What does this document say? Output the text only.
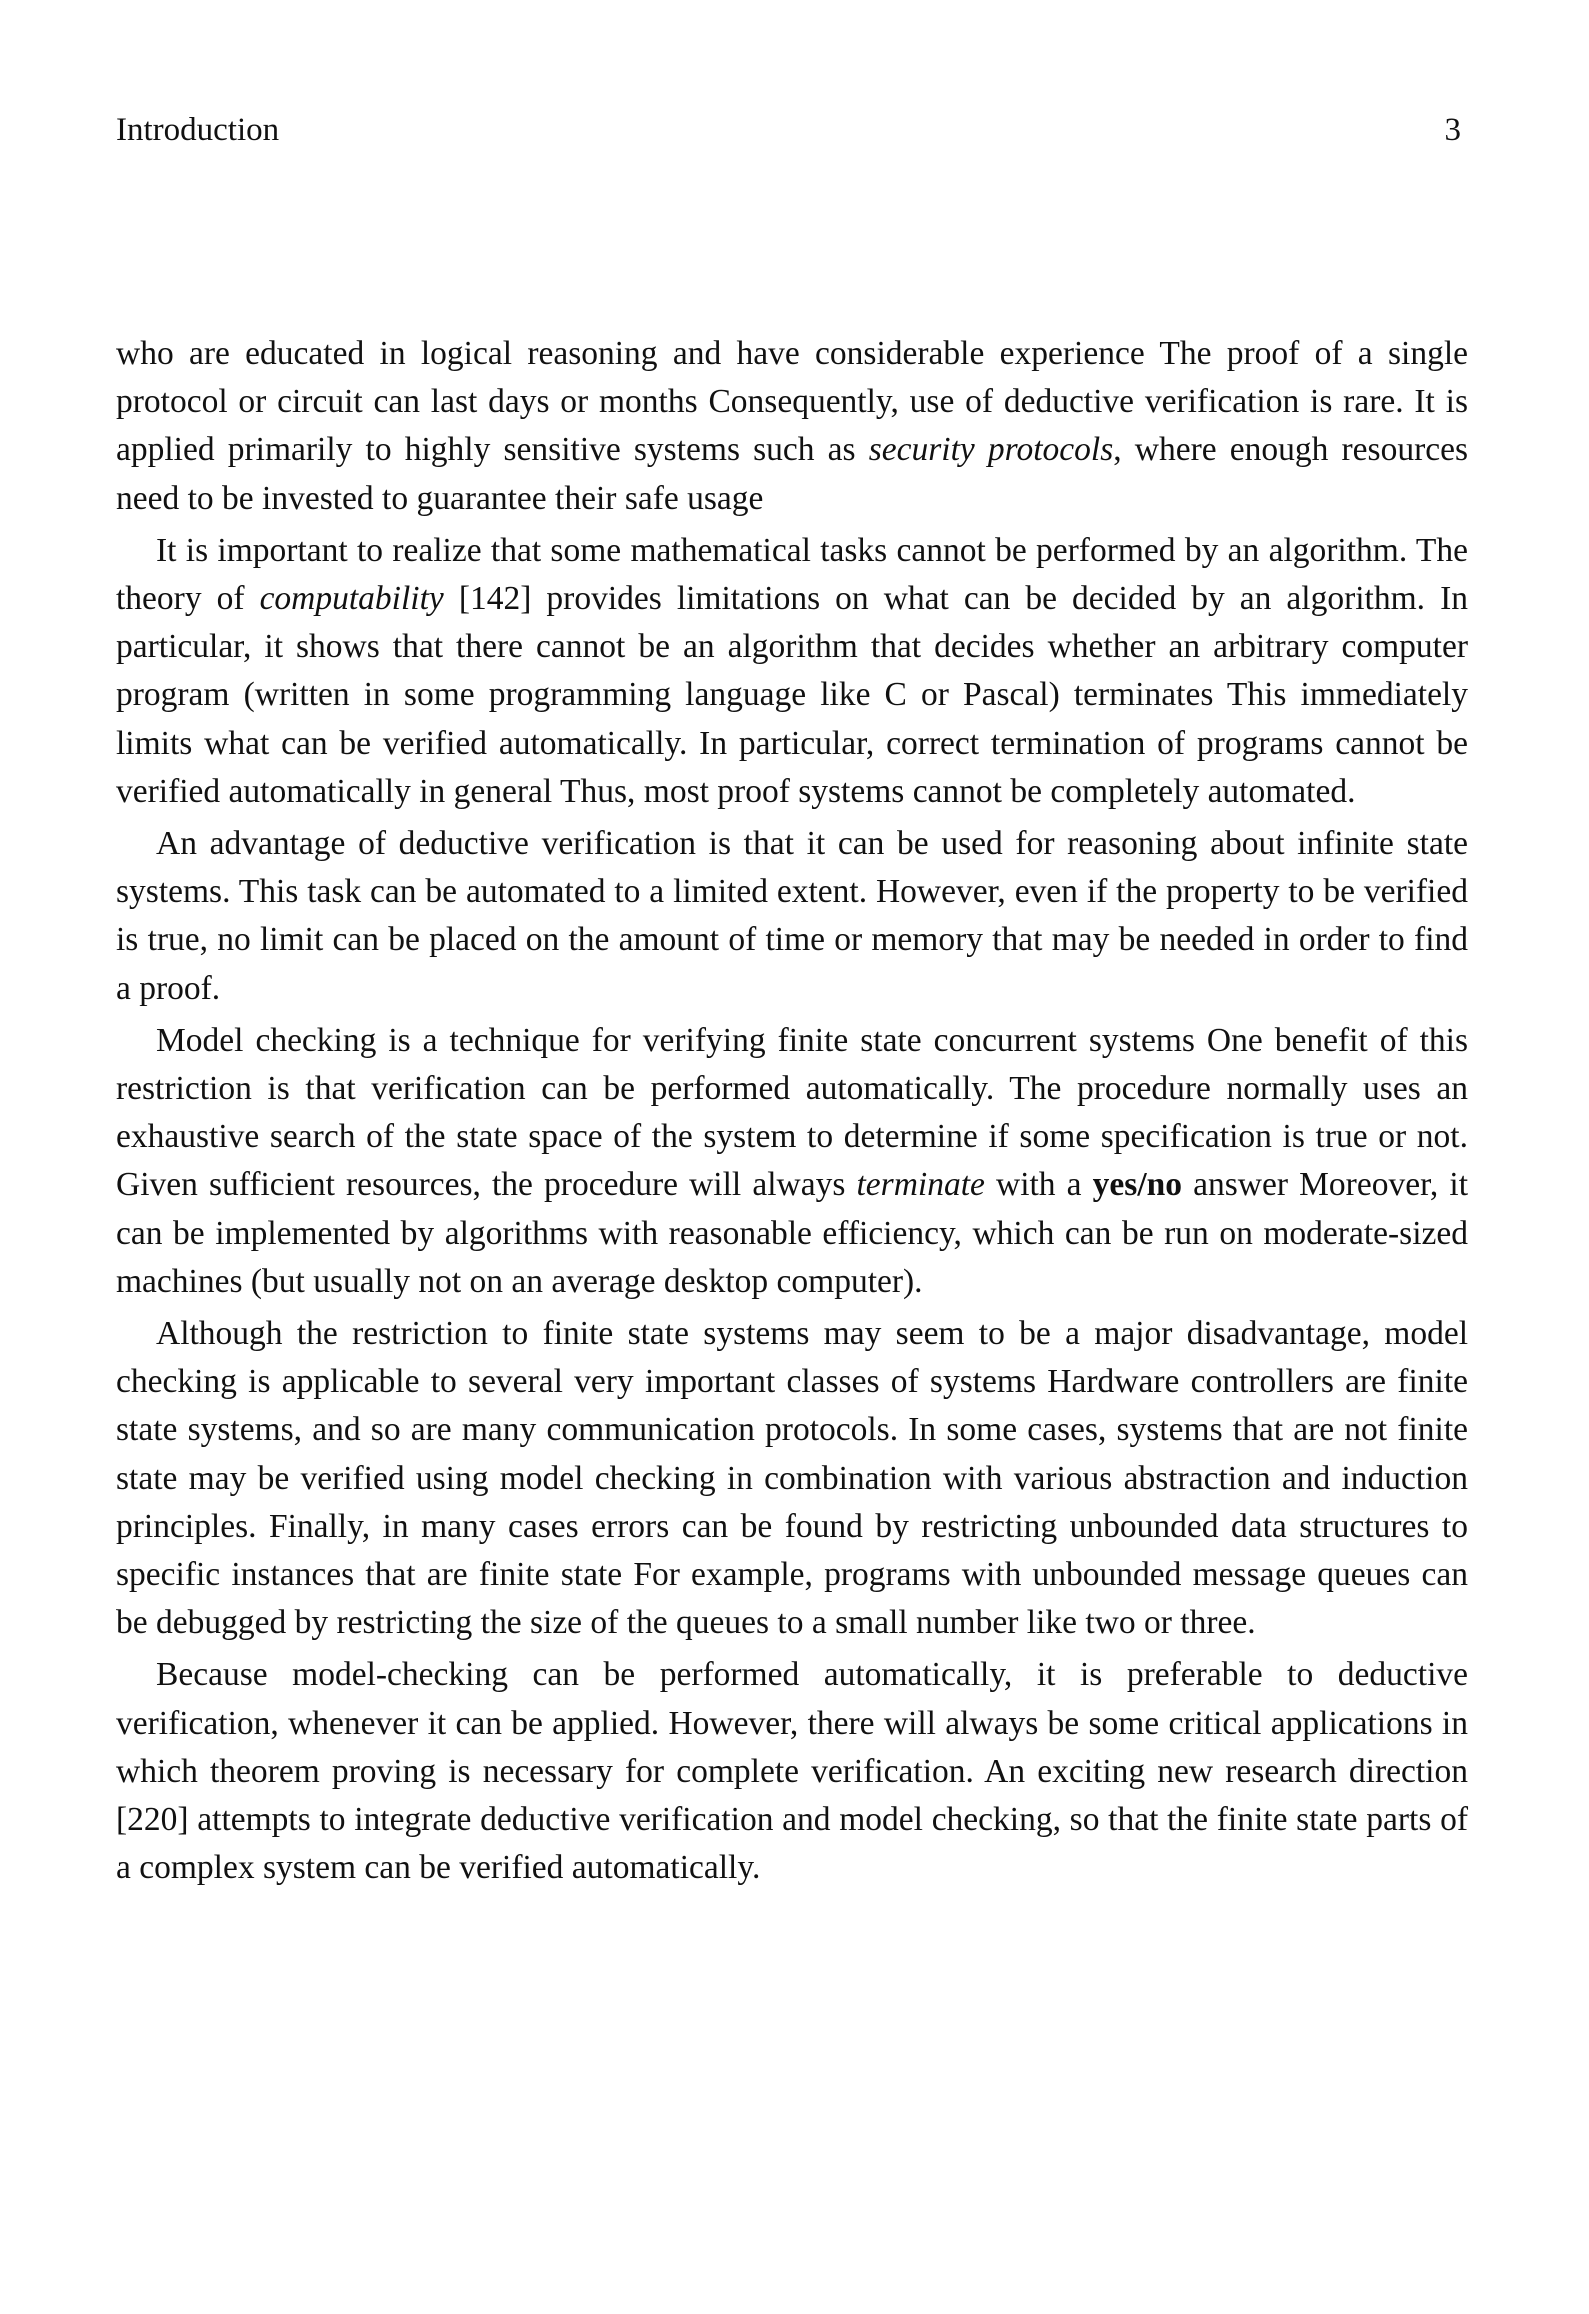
Introduction	3

who are educated in logical reasoning and have considerable experience The proof of a single protocol or circuit can last days or months Consequently, use of deductive verification is rare. It is applied primarily to highly sensitive systems such as security protocols, where enough resources need to be invested to guarantee their safe usage

It is important to realize that some mathematical tasks cannot be performed by an algorithm. The theory of computability [142] provides limitations on what can be decided by an algorithm. In particular, it shows that there cannot be an algorithm that decides whether an arbitrary computer program (written in some programming language like C or Pascal) terminates This immediately limits what can be verified automatically. In particular, correct termination of programs cannot be verified automatically in general Thus, most proof systems cannot be completely automated.

An advantage of deductive verification is that it can be used for reasoning about infinite state systems. This task can be automated to a limited extent. However, even if the property to be verified is true, no limit can be placed on the amount of time or memory that may be needed in order to find a proof.

Model checking is a technique for verifying finite state concurrent systems One benefit of this restriction is that verification can be performed automatically. The procedure normally uses an exhaustive search of the state space of the system to determine if some specification is true or not. Given sufficient resources, the procedure will always terminate with a yes/no answer Moreover, it can be implemented by algorithms with reasonable efficiency, which can be run on moderate-sized machines (but usually not on an average desktop computer).

Although the restriction to finite state systems may seem to be a major disadvantage, model checking is applicable to several very important classes of systems Hardware controllers are finite state systems, and so are many communication protocols. In some cases, systems that are not finite state may be verified using model checking in combination with various abstraction and induction principles. Finally, in many cases errors can be found by restricting unbounded data structures to specific instances that are finite state For example, programs with unbounded message queues can be debugged by restricting the size of the queues to a small number like two or three.

Because model-checking can be performed automatically, it is preferable to deductive verification, whenever it can be applied. However, there will always be some critical applications in which theorem proving is necessary for complete verification. An exciting new research direction [220] attempts to integrate deductive verification and model checking, so that the finite state parts of a complex system can be verified automatically.
